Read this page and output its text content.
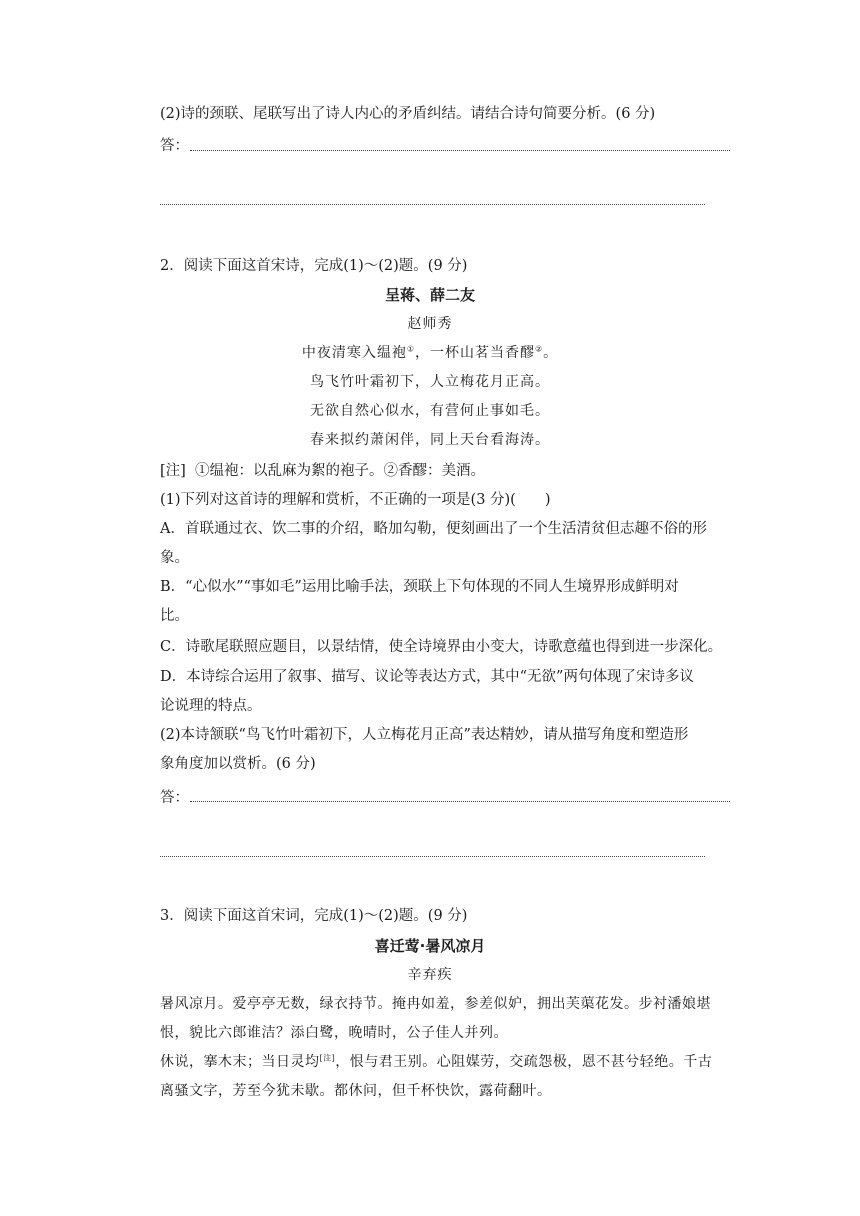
(2)诗的颈联、尾联写出了诗人内心的矛盾纠结。请结合诗句简要分析。(6 分)
答：
2．阅读下面这首宋诗，完成(1)～(2)题。(9 分)
呈蒋、薛二友
赵师秀
中夜清寒入缊袍①，一杯山茗当香醪②。
鸟飞竹叶霜初下，人立梅花月正高。
无欲自然心似水，有营何止事如毛。
春来拟约萧闲伴，同上天台看海涛。
[注] ①缊袍：以乱麻为絮的袍子。②香醪：美酒。
(1)下列对这首诗的理解和赏析，不正确的一项是(3 分)(　　)
A．首联通过衣、饮二事的介绍，略加勾勒，便刻画出了一个生活清贫但志趣不俗的形
象。
B．“心似水”“事如毛”运用比喻手法，颈联上下句体现的不同人生境界形成鲜明对
比。
C．诗歌尾联照应题目，以景结情，使全诗境界由小变大，诗歌意蕴也得到进一步深化。
D．本诗综合运用了叙事、描写、议论等表达方式，其中“无欲”两句体现了宋诗多议
论说理的特点。
(2)本诗颔联“鸟飞竹叶霜初下，人立梅花月正高”表达精妙，请从描写角度和塑造形
象角度加以赏析。(6 分)
答：
3．阅读下面这首宋词，完成(1)～(2)题。(9 分)
喜迁莺·暑风凉月
辛弃疾
暑风凉月。爱亭亭无数，绿衣持节。掩冉如羞，参差似妒，拥出芙蕖花发。步衬潘娘堪
恨，貌比六郎谁洁？添白鹭，晚晴时，公子佳人并列。
休说，搴木末；当日灵均[注]，恨与君王别。心阻媒劳，交疏怨极，恩不甚兮轻绝。千古
离骚文字，芳至今犹未歇。都休问，但千杯快饮，露荷翻叶。
